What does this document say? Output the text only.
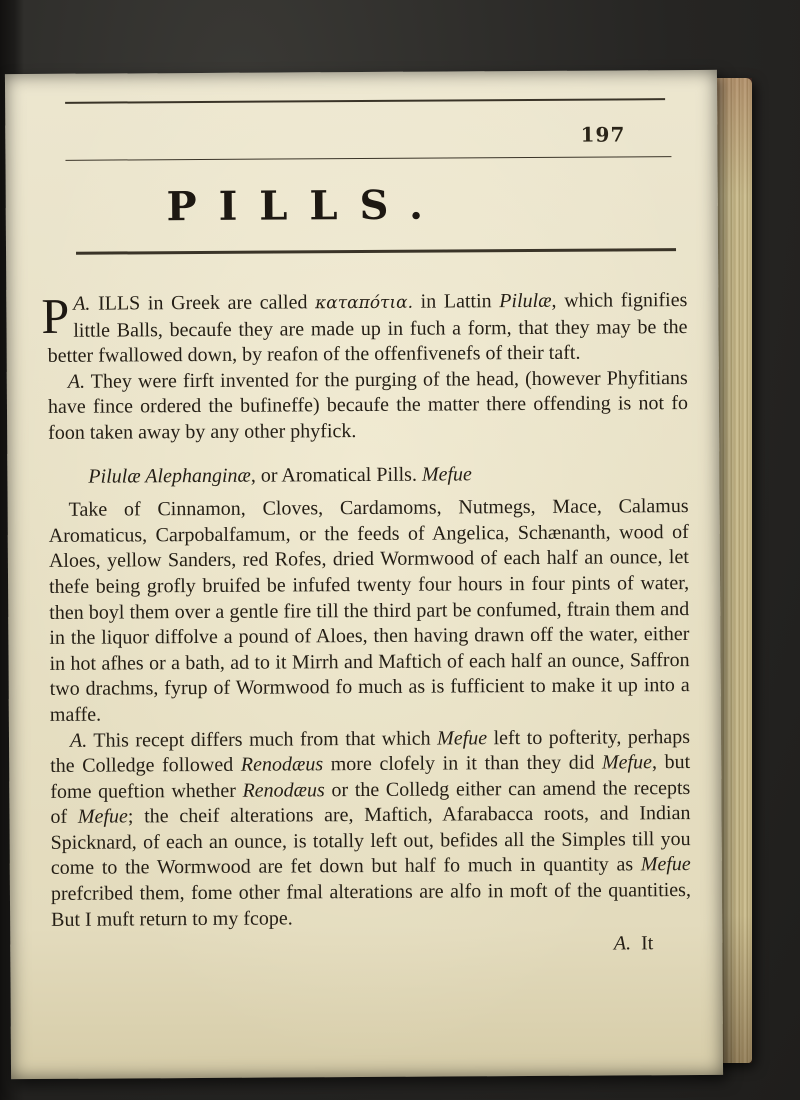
197
PILLS.

A.
P ILLS in Greek are called καταπότια. in Lattin Pilulæ, which fignifies little Balls, becaufe they are made up in fuch a form, that they may be the better fwallowed down, by reafon of the offenfivenefs of their taft.

A. They were firft invented for the purging of the head, (however Phyfitians have fince ordered the bufineffe) becaufe the matter there offending is not fo foon taken away by any other phyfick.

Pilulæ Alephanginæ, or Aromatical Pills. Mefue

Take of Cinnamon, Cloves, Cardamoms, Nutmegs, Mace, Calamus Aromaticus, Carpobalfamum, or the feeds of Angelica, Schænanth, wood of Aloes, yellow Sanders, red Rofes, dried Wormwood of each half an ounce, let thefe being grofly bruifed be infufed twenty four hours in four pints of water, then boyl them over a gentle fire till the third part be confumed, ftrain them and in the liquor diffolve a pound of Aloes, then having drawn off the water, either in hot afhes or a bath, ad to it Mirrh and Maftich of each half an ounce, Saffron two drachms, fyrup of Wormwood fo much as is fufficient to make it up into a maffe.

A. This recept differs much from that which Mefue left to pofterity, perhaps the Colledge followed Renodæus more clofely in it than they did Mefue, but fome queftion whether Renodæus or the Colledg either can amend the recepts of Mefue; the cheif alterations are, Maftich, Afarabacca roots, and Indian Spicknard, of each an ounce, is totally left out, befides all the Simples till you come to the Wormwood are fet down but half fo much in quantity as Mefue prefcribed them, fome other fmal alterations are alfo in moft of the quantities, But I muft return to my fcope.

A. It
